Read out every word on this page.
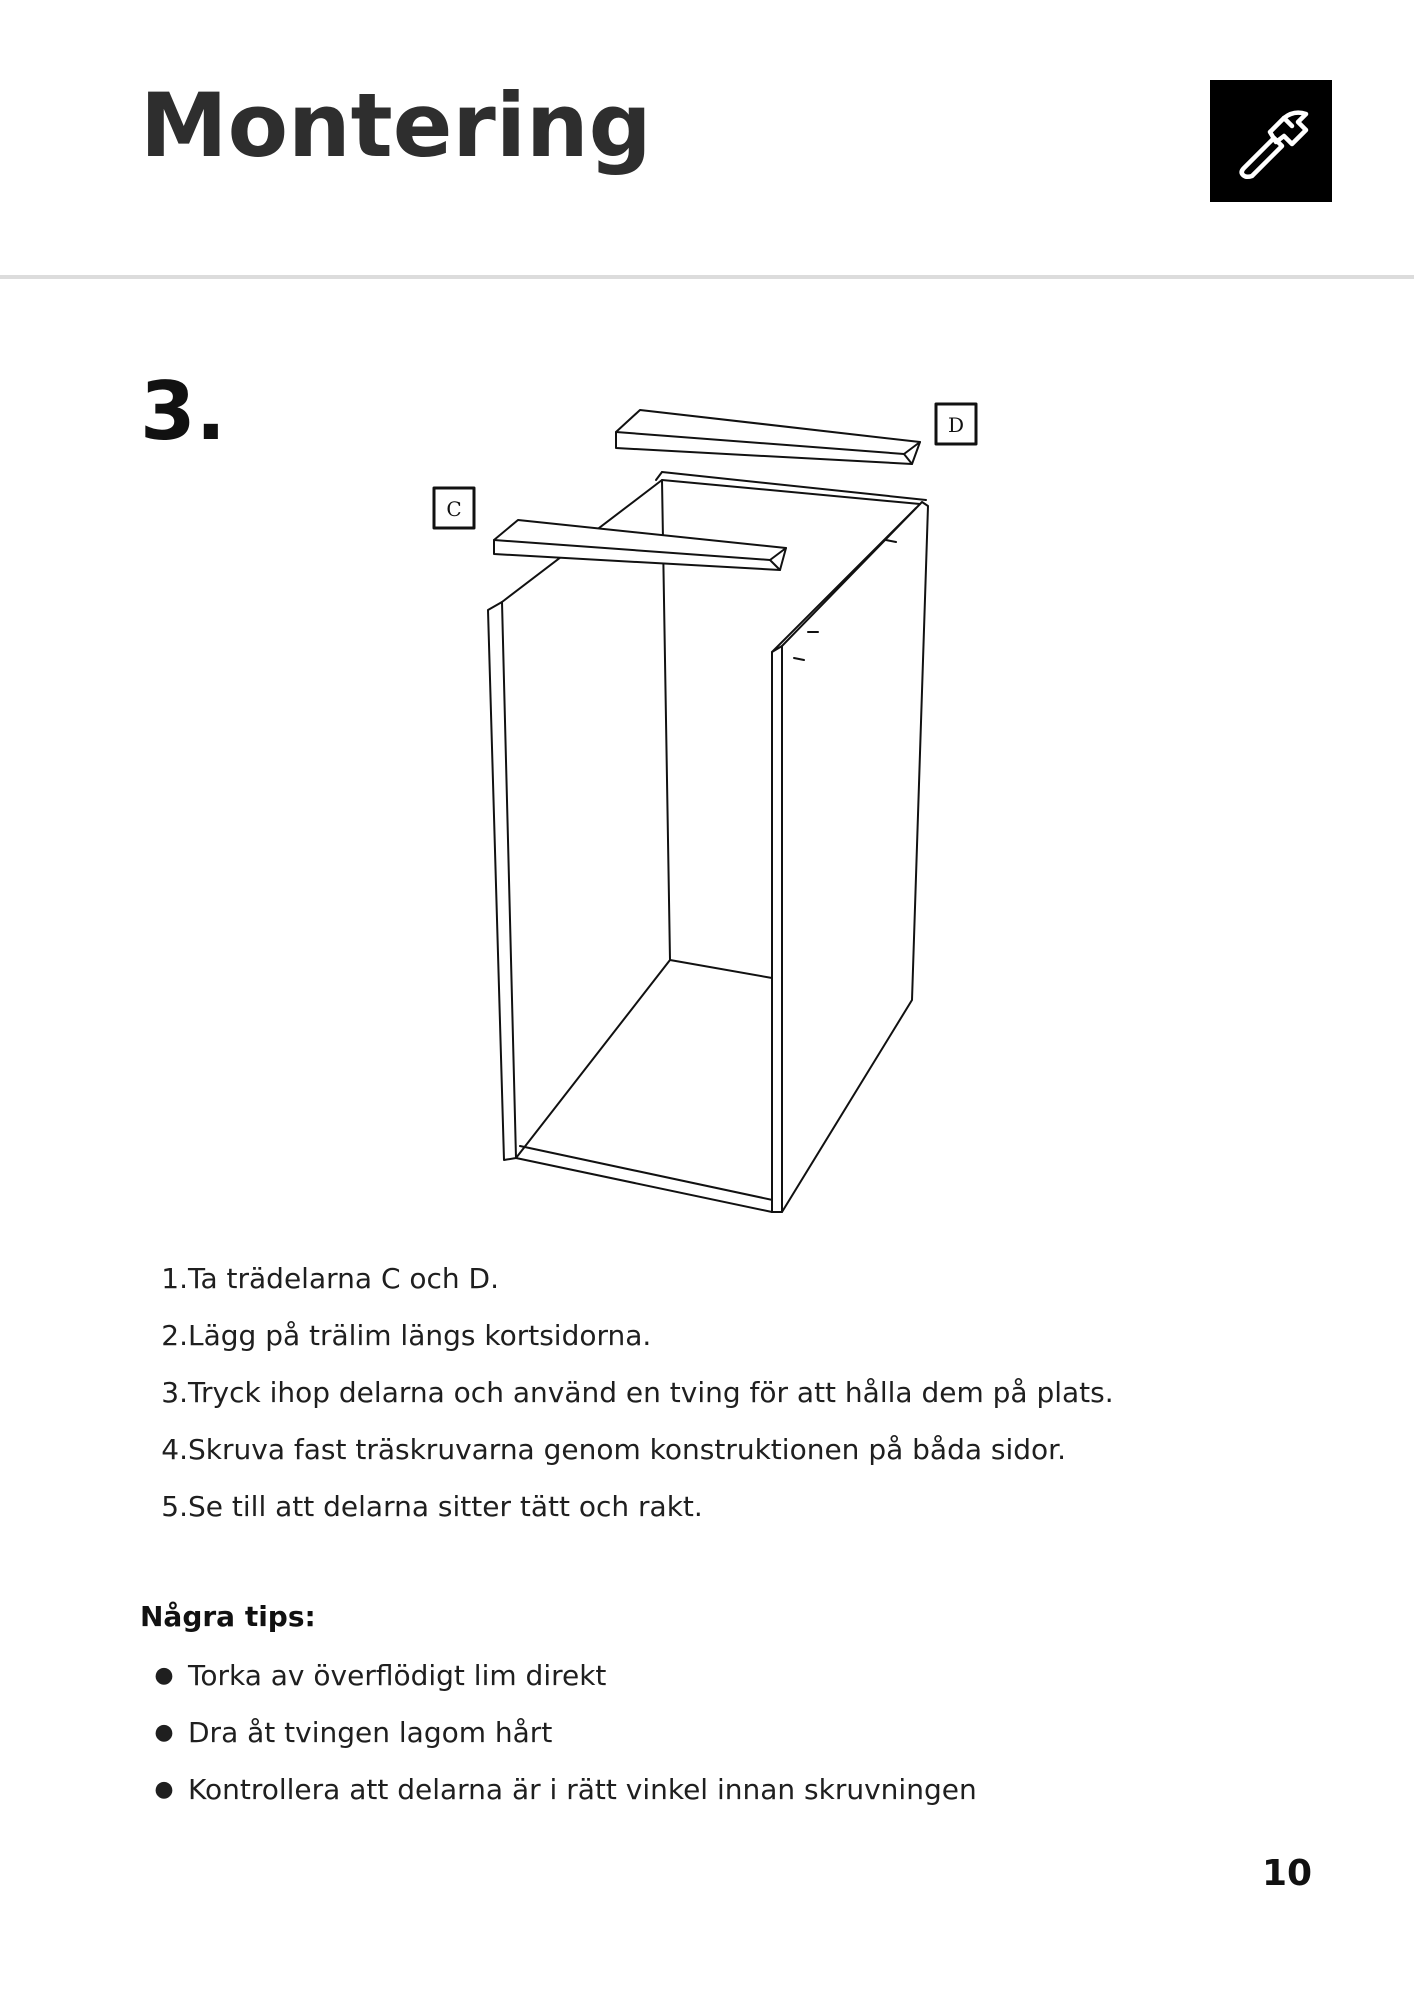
Montering
3.
C
D
1. Ta trädelarna C och D.
2. Lägg på trälim längs kortsidorna.
3. Tryck ihop delarna och använd en tving för att hålla dem på plats.
4. Skruva fast träskruvarna genom konstruktionen på båda sidor.
5. Se till att delarna sitter tätt och rakt.
Några tips:
● Torka av överflödigt lim direkt
● Dra åt tvingen lagom hårt
● Kontrollera att delarna är i rätt vinkel innan skruvningen
10
